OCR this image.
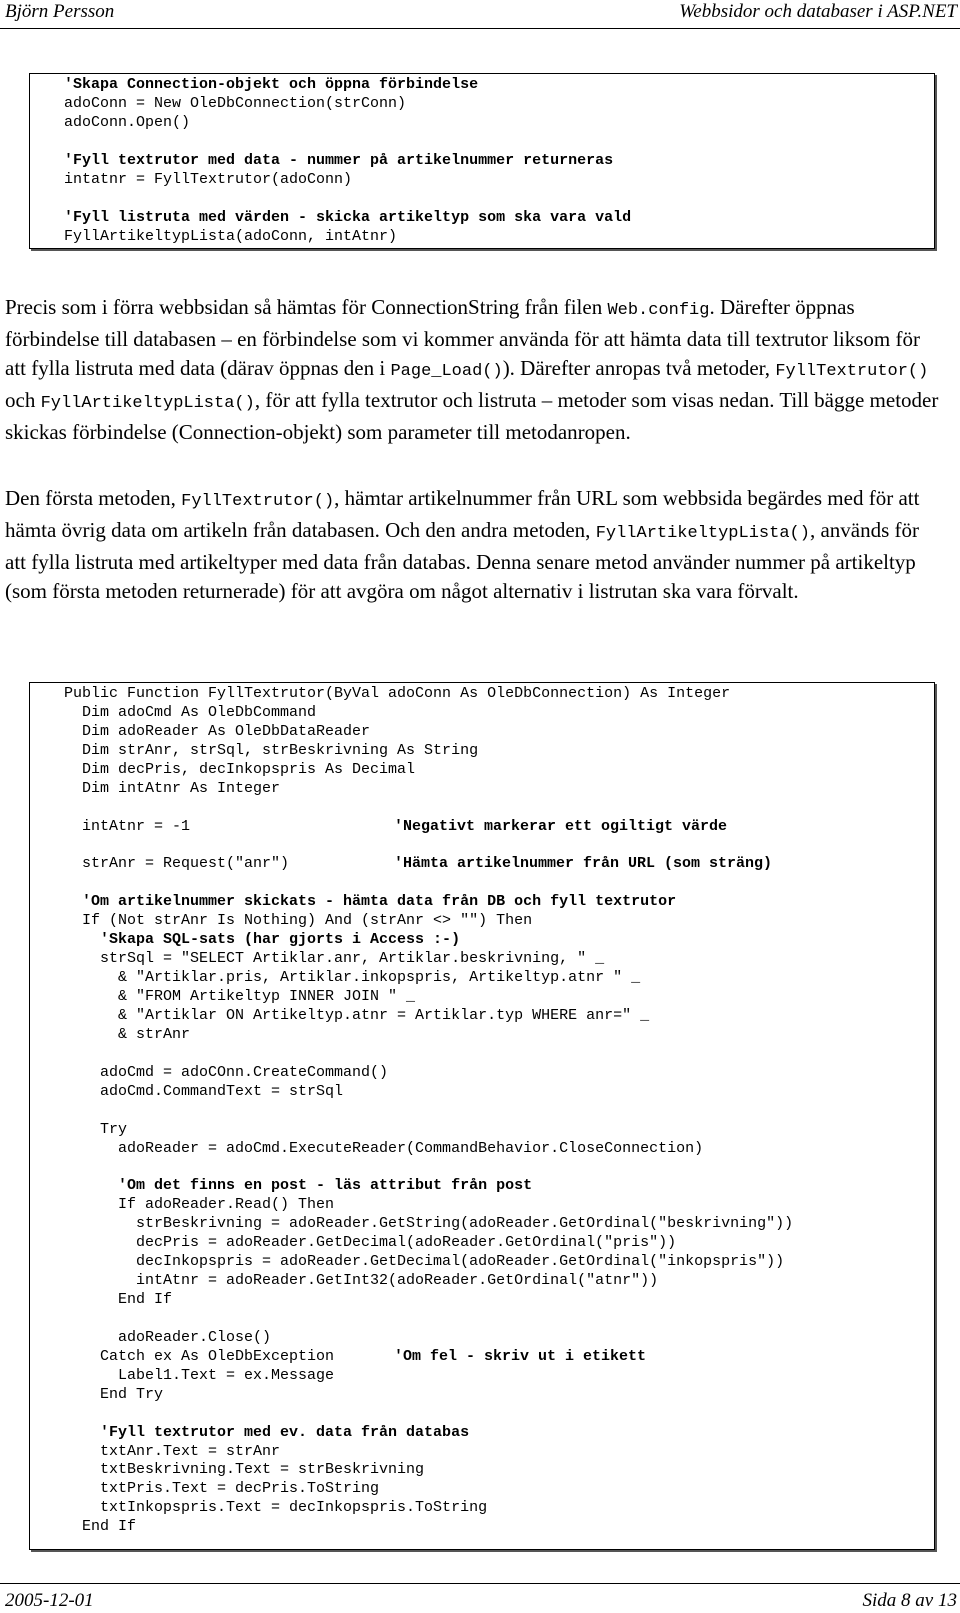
Björn Persson	Webbsidor och databaser i ASP.NET
'Skapa Connection-objekt och öppna förbindelse
adoConn = New OleDbConnection(strConn)
adoConn.Open()
'Fyll textrutor med data - nummer på artikelnummer returneras
intatnr = FyllTextrutor(adoConn)
'Fyll listruta med värden - skicka artikeltyp som ska vara vald
FyllArtikeltypLista(adoConn, intAtnr)

Precis som i förra webbsidan så hämtas för ConnectionString från filen Web.config. Därefter öppnas förbindelse till databasen – en förbindelse som vi kommer använda för att hämta data till textrutor liksom för att fylla listruta med data (därav öppnas den i Page_Load()). Därefter anropas två metoder, FyllTextrutor() och FyllArtikeltypLista(), för att fylla textrutor och listruta – metoder som visas nedan. Till bägge metoder skickas förbindelse (Connection-objekt) som parameter till metodanropen.

Den första metoden, FyllTextrutor(), hämtar artikelnummer från URL som webbsida begärdes med för att hämta övrig data om artikeln från databasen. Och den andra metoden, FyllArtikeltypLista(), används för att fylla listruta med artikeltyper med data från databas. Denna senare metod använder nummer på artikeltyp (som första metoden returnerade) för att avgöra om något alternativ i listrutan ska vara förvalt.

Public Function FyllTextrutor(ByVal adoConn As OleDbConnection) As Integer
Dim adoCmd As OleDbCommand
Dim adoReader As OleDbDataReader
Dim strAnr, strSql, strBeskrivning As String
Dim decPris, decInkopspris As Decimal
Dim intAtnr As Integer
intAtnr = -1	'Negativt markerar ett ogiltigt värde
strAnr = Request("anr")	'Hämta artikelnummer från URL (som sträng)
'Om artikelnummer skickats - hämta data från DB och fyll textrutor
If (Not strAnr Is Nothing) And (strAnr <> "") Then
'Skapa SQL-sats (har gjorts i Access :-)
strSql = "SELECT Artiklar.anr, Artiklar.beskrivning, " _
& "Artiklar.pris, Artiklar.inkopspris, Artikeltyp.atnr " _
& "FROM Artikeltyp INNER JOIN " _
& "Artiklar ON Artikeltyp.atnr = Artiklar.typ WHERE anr=" _
& strAnr
adoCmd = adoCOnn.CreateCommand()
adoCmd.CommandText = strSql
Try
adoReader = adoCmd.ExecuteReader(CommandBehavior.CloseConnection)
'Om det finns en post - läs attribut från post
If adoReader.Read() Then
strBeskrivning = adoReader.GetString(adoReader.GetOrdinal("beskrivning"))
decPris = adoReader.GetDecimal(adoReader.GetOrdinal("pris"))
decInkopspris = adoReader.GetDecimal(adoReader.GetOrdinal("inkopspris"))
intAtnr = adoReader.GetInt32(adoReader.GetOrdinal("atnr"))
End If
adoReader.Close()
Catch ex As OleDbException	'Om fel - skriv ut i etikett
Label1.Text = ex.Message
End Try
'Fyll textrutor med ev. data från databas
txtAnr.Text = strAnr
txtBeskrivning.Text = strBeskrivning
txtPris.Text = decPris.ToString
txtInkopspris.Text = decInkopspris.ToString
End If
2005-12-01	Sida 8 av 13
